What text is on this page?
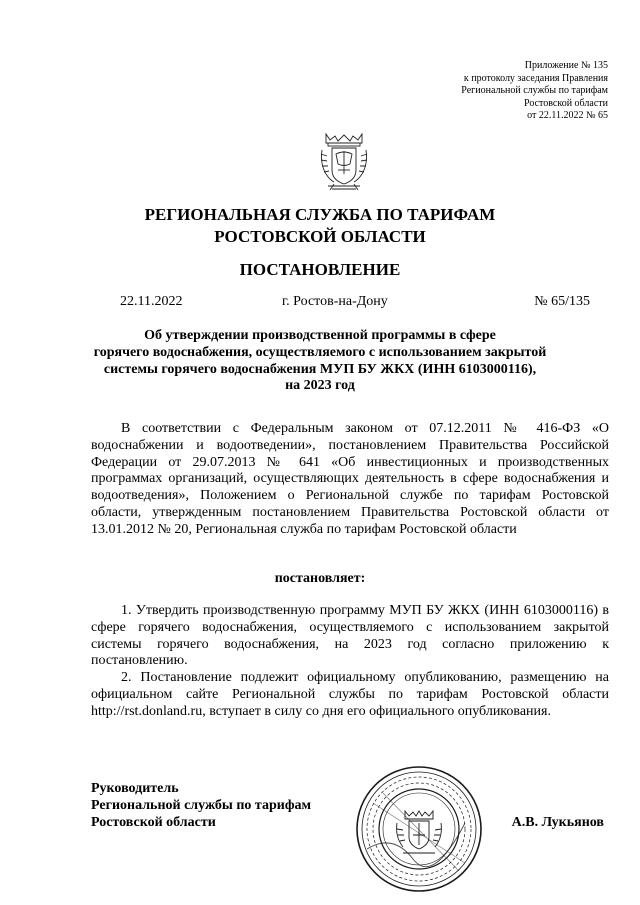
Приложение № 135
к протоколу заседания Правления
Региональной службы по тарифам
Ростовской области
от 22.11.2022 № 65
РЕГИОНАЛЬНАЯ СЛУЖБА ПО ТАРИФАМ
РОСТОВСКОЙ ОБЛАСТИ
ПОСТАНОВЛЕНИЕ
22.11.2022	г. Ростов-на-Дону	№ 65/135
Об утверждении производственной программы в сфере
горячего водоснабжения, осуществляемого с использованием закрытой
системы горячего водоснабжения МУП БУ ЖКХ (ИНН 6103000116),
на 2023 год

В соответствии с Федеральным законом от 07.12.2011 № 416-ФЗ «О водоснабжении и водоотведении», постановлением Правительства Российской Федерации от 29.07.2013 № 641 «Об инвестиционных и производственных программах организаций, осуществляющих деятельность в сфере водоснабжения и водоотведения», Положением о Региональной службе по тарифам Ростовской области, утвержденным постановлением Правительства Ростовской области от 13.01.2012 № 20, Региональная служба по тарифам Ростовской области

постановляет:

1. Утвердить производственную программу МУП БУ ЖКХ (ИНН 6103000116) в сфере горячего водоснабжения, осуществляемого с использованием закрытой системы горячего водоснабжения, на 2023 год согласно приложению к постановлению.

2. Постановление подлежит официальному опубликованию, размещению на официальном сайте Региональной службы по тарифам Ростовской области http://rst.donland.ru, вступает в силу со дня его официального опубликования.

Руководитель
Региональной службы по тарифам
Ростовской области	А.В. Лукьянов
